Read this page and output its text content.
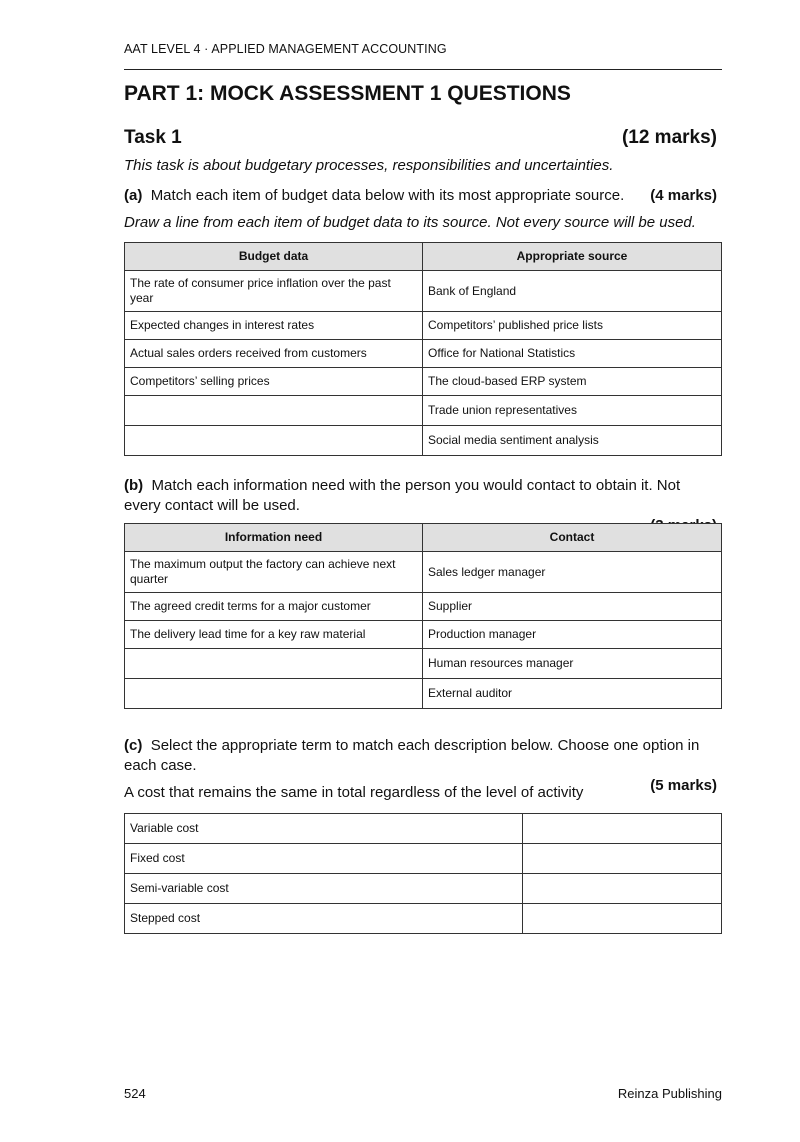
AAT LEVEL 4 · APPLIED MANAGEMENT ACCOUNTING
PART 1: MOCK ASSESSMENT 1 QUESTIONS
Task 1	(12 marks)
This task is about budgetary processes, responsibilities and uncertainties.
(a) Match each item of budget data below with its most appropriate source. (4 marks)
Draw a line from each item of budget data to its source. Not every source will be used.
Budget data	Appropriate source
The rate of consumer price inflation over the past year	Bank of England
Expected changes in interest rates	Competitors’ published price lists
Actual sales orders received from customers	Office for National Statistics
Competitors’ selling prices	The cloud-based ERP system
	Trade union representatives
	Social media sentiment analysis
(b) Match each information need with the person you would contact to obtain it. Not every contact will be used.
Information need	Contact
The maximum output the factory can achieve next quarter	Sales ledger manager
The agreed credit terms for a major customer	Supplier
The delivery lead time for a key raw material	Production manager
	Human resources manager
	External auditor
(c) Select the appropriate term to match each description below. Choose one option in each case.
(5 marks)
A cost that remains the same in total regardless of the level of activity
Variable cost	
Fixed cost	
Semi-variable cost	
Stepped cost	
524	Reinza Publishing
